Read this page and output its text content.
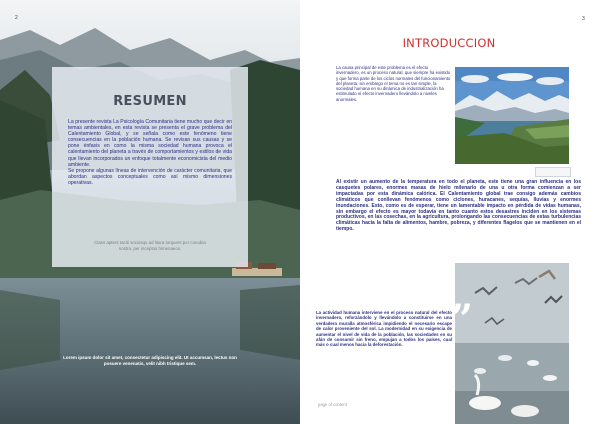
2
RESUMEN
La presente revista La Psicología Comunitaria tiene mucho que decir en temas ambientales, en esta revista se presenta el grave problema del Calentamiento Global, y se señala como este fenómeno tiene consecuencias en la población humana. Se revisan sus causas y se pone énfasis en como la misma sociedad humana provoca el calentamiento del planeta a través de comportamientos y estilos de vida que llevan incorporados un enfoque totalmente economicista del medio ambiente.
Se propone algunas líneas de intervención de carácter comunitaria, que abordan aspectos conceptuales como así mismo dimensiones operativas.
Class aptent taciti sociosqu ad litora torquent per conubia nostra, per inceptos himenaeos.
Lorem ipsum dolor sit amet, consectetur adipiscing elit. Ut accumsan, lectus non posuere venenatis, velit nibh tristique sem.
3
INTRODUCCION
La causa principal de este problema es el efecto invernadero, es un proceso natural, que siempre ha existido y que forma parte de los ciclos normales del funcionamiento del planeta, sin embargo el tema no es tan simple, la sociedad humana en su dinámica de industrialización ha estimulado el efecto invernadero llevándolo a niveles anormales.
Al existir un aumento de la temperatura en todo el planeta, este tiene una gran influencia en los casquetes polares, enormes masas de hielo milenario de una u otra forma comienzan a ser impactadas por esta dinámica calórica. El Calentamiento global trae consigo además cambios climáticos que conllevan fenómenos como ciclones, huracanes, sequías, lluvias y enormes inundaciones. Esto, como es de esperar, tiene un lamentable impacto en pérdida de vidas humanas, sin embargo el efecto es mayor todavía en tanto cuanto estos desastres inciden en los sistemas productivos, en las cosechas, en la agricultura, prolongando las consecuencias de estas turbulencias climáticas hacia la falta de alimentos, hambre, pobreza, y diferentes flagelos que se mantienen en el tiempo.
”
La actividad humana interviene en el proceso natural del efecto invernadero, reforzándolo y llevándolo a constituirse en una verdadera muralla atmosférica impidiendo el necesario escape de calor proveniente del sol. La modernidad en su exigencia de aumentar el nivel de vida de la población, las sociedades en su afán de consumir sin freno, empujan a todos los países, cual más o cual menos hacia la deforestación.
page of content
